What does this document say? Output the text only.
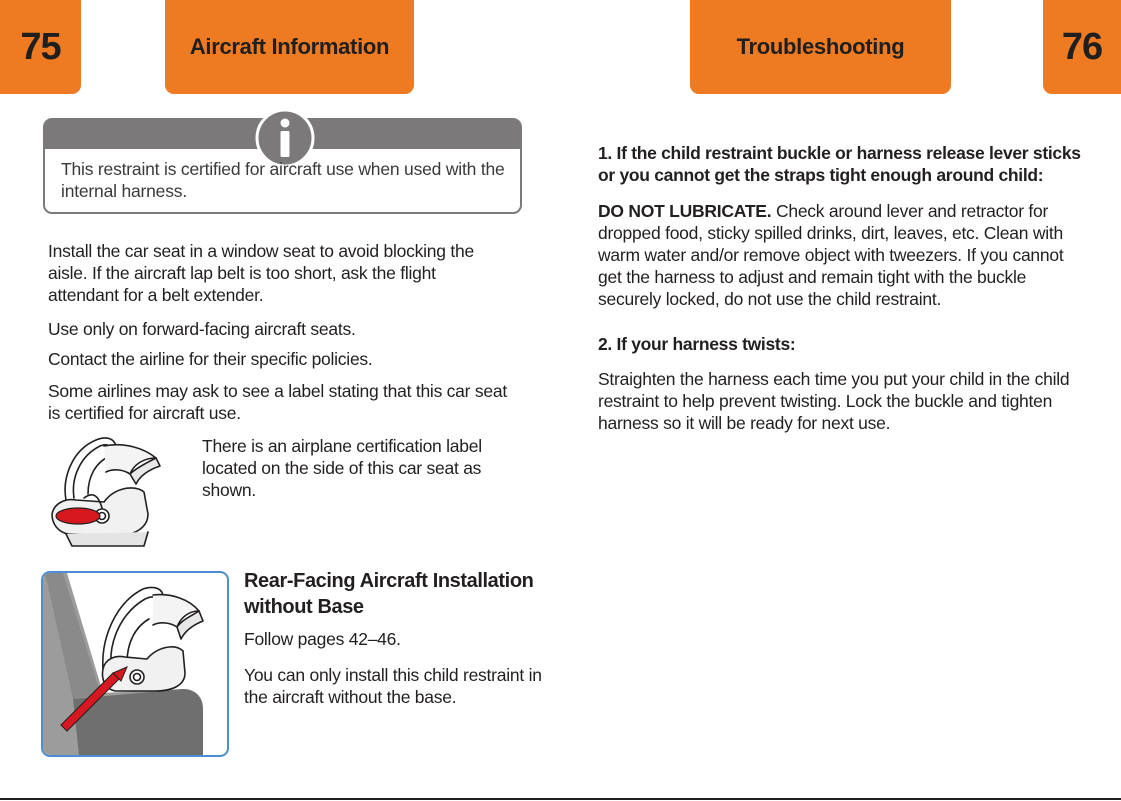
75	Aircraft Information	Troubleshooting	76

This restraint is certified for aircraft use when used with the internal harness.

Install the car seat in a window seat to avoid blocking the aisle. If the aircraft lap belt is too short, ask the flight attendant for a belt extender.

Use only on forward-facing aircraft seats.

Contact the airline for their specific policies.

Some airlines may ask to see a label stating that this car seat is certified for aircraft use.

There is an airplane certification label located on the side of this car seat as shown.

Rear-Facing Aircraft Installation without Base

Follow pages 42–46.

You can only install this child restraint in the aircraft without the base.

1. If the child restraint buckle or harness release lever sticks or you cannot get the straps tight enough around child:

DO NOT LUBRICATE. Check around lever and retractor for dropped food, sticky spilled drinks, dirt, leaves, etc. Clean with warm water and/or remove object with tweezers. If you cannot get the harness to adjust and remain tight with the buckle securely locked, do not use the child restraint.

2. If your harness twists:

Straighten the harness each time you put your child in the child restraint to help prevent twisting. Lock the buckle and tighten harness so it will be ready for next use.
